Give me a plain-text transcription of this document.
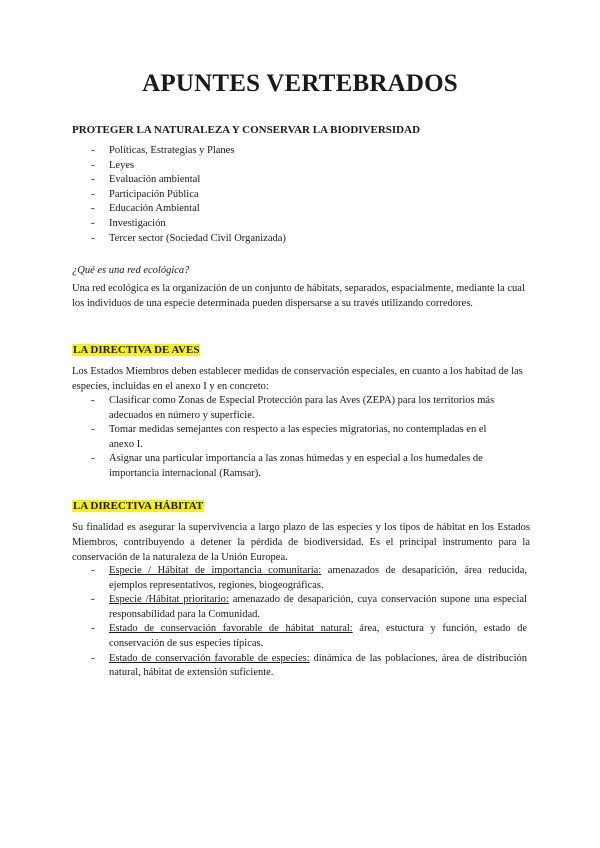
APUNTES VERTEBRADOS
PROTEGER LA NATURALEZA Y CONSERVAR LA BIODIVERSIDAD
- Políticas, Estrategias y Planes
- Leyes
- Evaluación ambiental
- Participación Pública
- Educación Ambiental
- Investigación
- Tercer sector (Sociedad Civil Organizada)

¿Qué es una red ecológica?

Una red ecológica es la organización de un conjunto de hábitats, separados, espacialmente, mediante la cual los individuos de una especie determinada pueden dispersarse a su través utilizando corredores.

LA DIRECTIVA DE AVES

Los Estados Miembros deben establecer medidas de conservación especiales, en cuanto a los habitad de las especies, incluidas en el anexo I y en concreto:

- Clasificar como Zonas de Especial Protección para las Aves (ZEPA) para los territorios más adecuados en número y superficie.
- Tomar medidas semejantes con respecto a las especies migratorias, no contempladas en el anexo I.
- Asignar una particular importancia a las zonas húmedas y en especial a los humedales de importancia internacional (Ramsar).
LA DIRECTIVA HÁBITAT

Su finalidad es asegurar la supervivencia a largo plazo de las especies y los tipos de hábitat en los Estados Miembros, contribuyendo a detener la pérdida de biodiversidad. Es el principal instrumento para la conservación de la naturaleza de la Unión Europea.

- Especie / Hábitat de importancia comunitaria: amenazados de desaparición, área reducida, ejemplos representativos, regiones, biogeográficas.
- Especie /Hábitat prioritario: amenazado de desaparición, cuya conservación supone una especial responsabilidad para la Comunidad.
- Estado de conservación favorable de hábitat natural: área, estuctura y función, estado de conservación de sus especies típicas.
- Estado de conservación favorable de especies: dinámica de las poblaciones, área de distribución natural, hábitat de extensión suficiente.
